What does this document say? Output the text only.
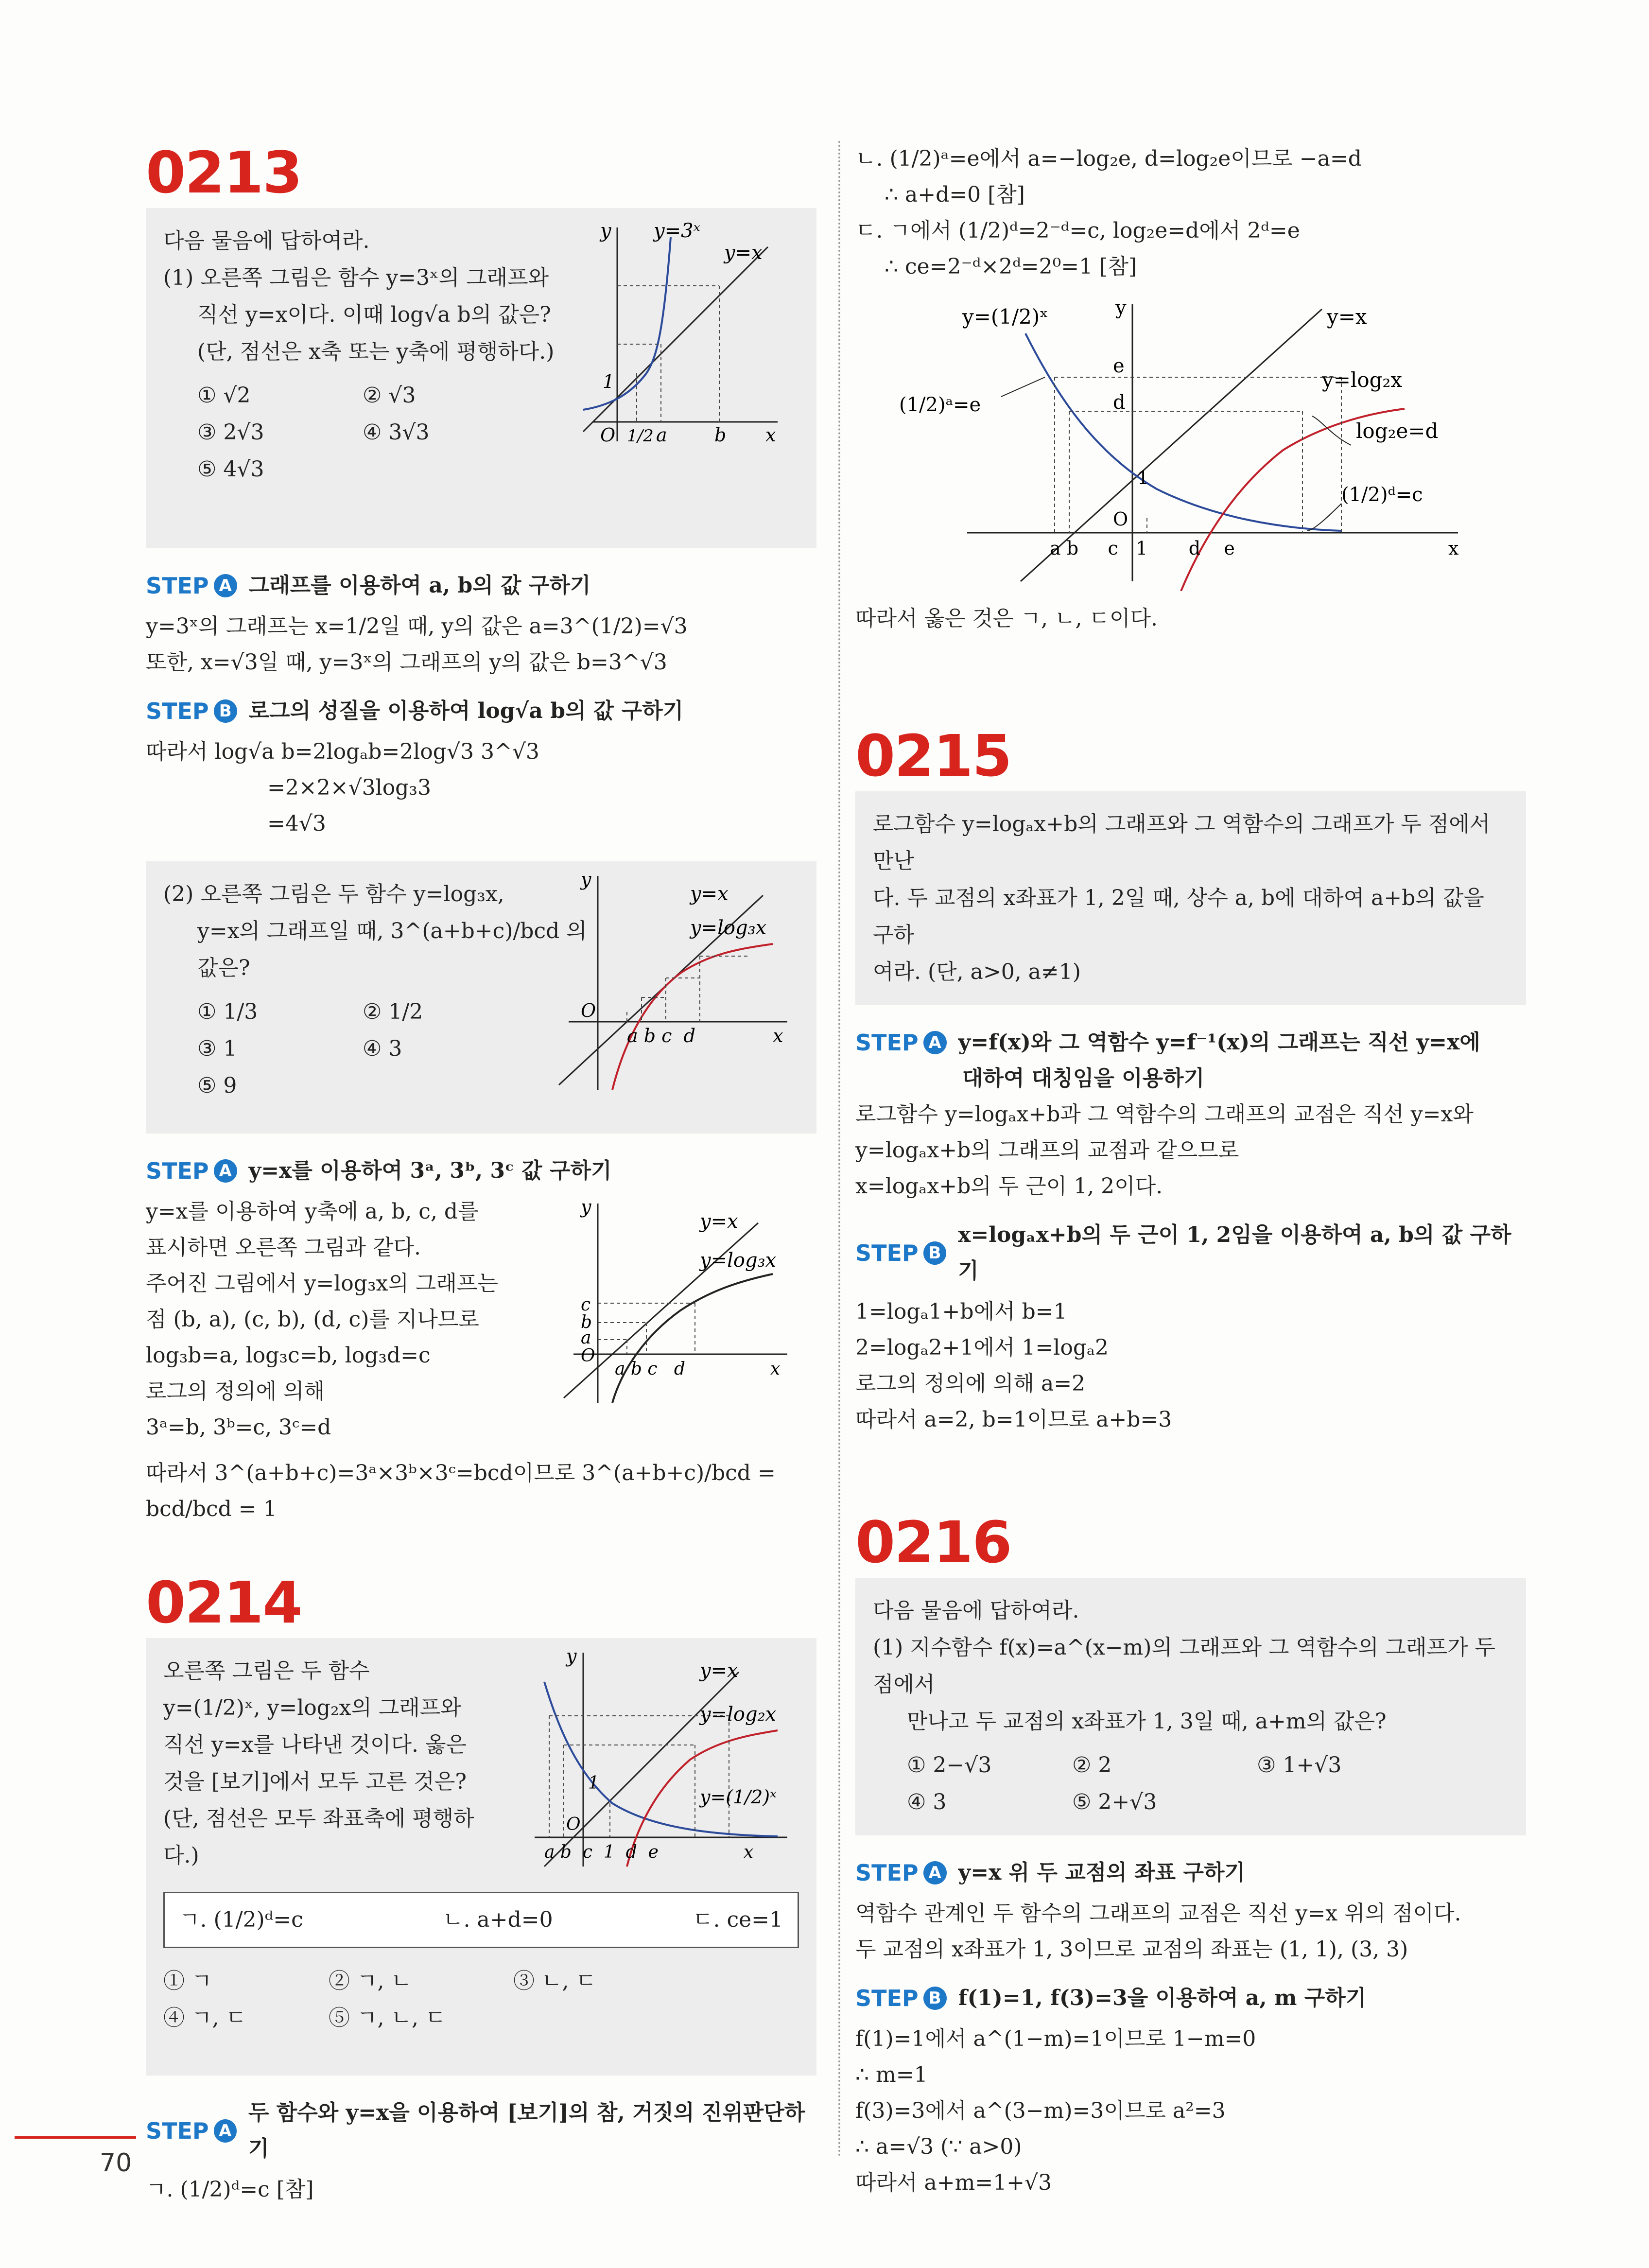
0213
다음 물음에 답하여라.
(1) 오른쪽 그림은 함수 y=3ˣ의 그래프와
직선 y=x이다. 이때 log√a b의 값은?
(단, 점선은 x축 또는 y축에 평행하다.)
① √2	② √3
③ 2√3	④ 3√3
⑤ 4√3
y y=3ˣ
y=x
1
O 1/2 a	b x
STEP A 그래프를 이용하여 a, b의 값 구하기
y=3ˣ의 그래프는 x=1/2일 때, y의 값은 a=3^(1/2)=√3
또한, x=√3일 때, y=3ˣ의 그래프의 y의 값은 b=3^√3
STEP B 로그의 성질을 이용하여 log√a b의 값 구하기
따라서 log√a b=2logₐb=2log√3 3^√3
=2×2×√3log₃3
=4√3
(2) 오른쪽 그림은 두 함수 y=log₃x,
y=x의 그래프일 때, 3^(a+b+c)/bcd 의
값은?
① 1/3	② 1/2
③ 1	④ 3
⑤ 9
y
y=x
y=log₃x
O
a b c  d	x
STEP A y=x를 이용하여 3ᵃ, 3ᵇ, 3ᶜ 값 구하기
y=x를 이용하여 y축에 a, b, c, d를
표시하면 오른쪽 그림과 같다.
주어진 그림에서 y=log₃x의 그래프는
점 (b, a), (c, b), (d, c)를 지나므로
log₃b=a, log₃c=b, log₃d=c
로그의 정의에 의해
3ᵃ=b, 3ᵇ=c, 3ᶜ=d
y
y=x
y=log₃x
c
b
a
O
a b c   d	x
따라서 3^(a+b+c)=3ᵃ×3ᵇ×3ᶜ=bcd이므로 3^(a+b+c)/bcd = bcd/bcd = 1
0214
오른쪽 그림은 두 함수
y=(1/2)ˣ, y=log₂x의 그래프와
직선 y=x를 나타낸 것이다. 옳은
것을 [보기]에서 모두 고른 것은?
(단, 점선은 모두 좌표축에 평행하
다.)
ㄱ. (1/2)ᵈ=c	ㄴ. a+d=0	ㄷ. ce=1
① ㄱ	② ㄱ, ㄴ	③ ㄴ, ㄷ
④ ㄱ, ㄷ	⑤ ㄱ, ㄴ, ㄷ
y
y=x
y=log₂x
y=(1/2)ˣ
1
O
a b  c  1  d  e	x
STEP A
두 함수와 y=x을 이용하여 [보기]의 참, 거짓의 진위판단하기
ㄱ. (1/2)ᵈ=c [참]
ㄴ. (1/2)ᵃ=e에서 a=−log₂e, d=log₂e이므로 −a=d
∴ a+d=0 [참]
ㄷ. ㄱ에서 (1/2)ᵈ=2⁻ᵈ=c, log₂e=d에서 2ᵈ=e
∴ ce=2⁻ᵈ×2ᵈ=2⁰=1 [참]
y=(1/2)ˣ	y	y=x
e
d
(1/2)ᵃ=e
y=log₂x
log₂e=d
(1/2)ᵈ=c
1
O
a b     c   1       d    e	x
따라서 옳은 것은 ㄱ, ㄴ, ㄷ이다.
0215
로그함수 y=logₐx+b의 그래프와 그 역함수의 그래프가 두 점에서 만난
다. 두 교점의 x좌표가 1, 2일 때, 상수 a, b에 대하여 a+b의 값을 구하
여라. (단, a>0, a≠1)
STEP A y=f(x)와 그 역함수 y=f⁻¹(x)의 그래프는 직선 y=x에
대하여 대칭임을 이용하기
로그함수 y=logₐx+b과 그 역함수의 그래프의 교점은 직선 y=x와
y=logₐx+b의 그래프의 교점과 같으므로
x=logₐx+b의 두 근이 1, 2이다.
STEP B
x=logₐx+b의 두 근이 1, 2임을 이용하여 a, b의 값 구하기
1=logₐ1+b에서 b=1
2=logₐ2+1에서 1=logₐ2
로그의 정의에 의해 a=2
따라서 a=2, b=1이므로 a+b=3
0216
다음 물음에 답하여라.
(1) 지수함수 f(x)=a^(x−m)의 그래프와 그 역함수의 그래프가 두 점에서
만나고 두 교점의 x좌표가 1, 3일 때, a+m의 값은?
① 2−√3	② 2	③ 1+√3
④ 3	⑤ 2+√3
STEP A y=x 위 두 교점의 좌표 구하기
역함수 관계인 두 함수의 그래프의 교점은 직선 y=x 위의 점이다.
두 교점의 x좌표가 1, 3이므로 교점의 좌표는 (1, 1), (3, 3)
STEP B f(1)=1, f(3)=3을 이용하여 a, m 구하기
f(1)=1에서 a^(1−m)=1이므로 1−m=0
∴ m=1
f(3)=3에서 a^(3−m)=3이므로 a²=3
∴ a=√3 (∵ a>0)
따라서 a+m=1+√3
70
